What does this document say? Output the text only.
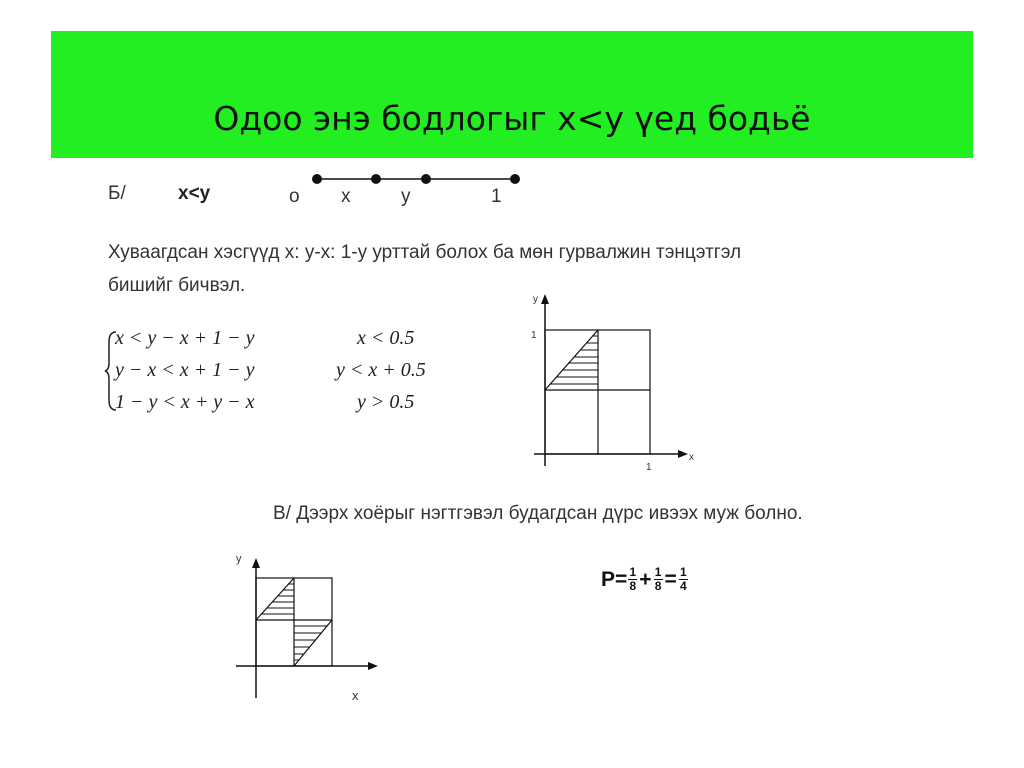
Одоо энэ бодлогыг x<y үед бодьё
Б/	x<y	o x	y	1
Хуваагдсан хэсгүүд x: y-x: 1-y урттай болох ба мөн гурвалжин тэнцэтгэл
бишийг бичвэл.
x < y − x + 1 − y	x < 0.5
y − x < x + 1 − y	y < x + 0.5
1 − y < x + y − x	y > 0.5
y
x
1
1
В/ Дээрх хоёрыг нэгтгэвэл будагдсан дүрс ивээх муж болно.
y
x
$P= \frac{1}{8} + \frac{1}{8} = \frac{1}{4}$
